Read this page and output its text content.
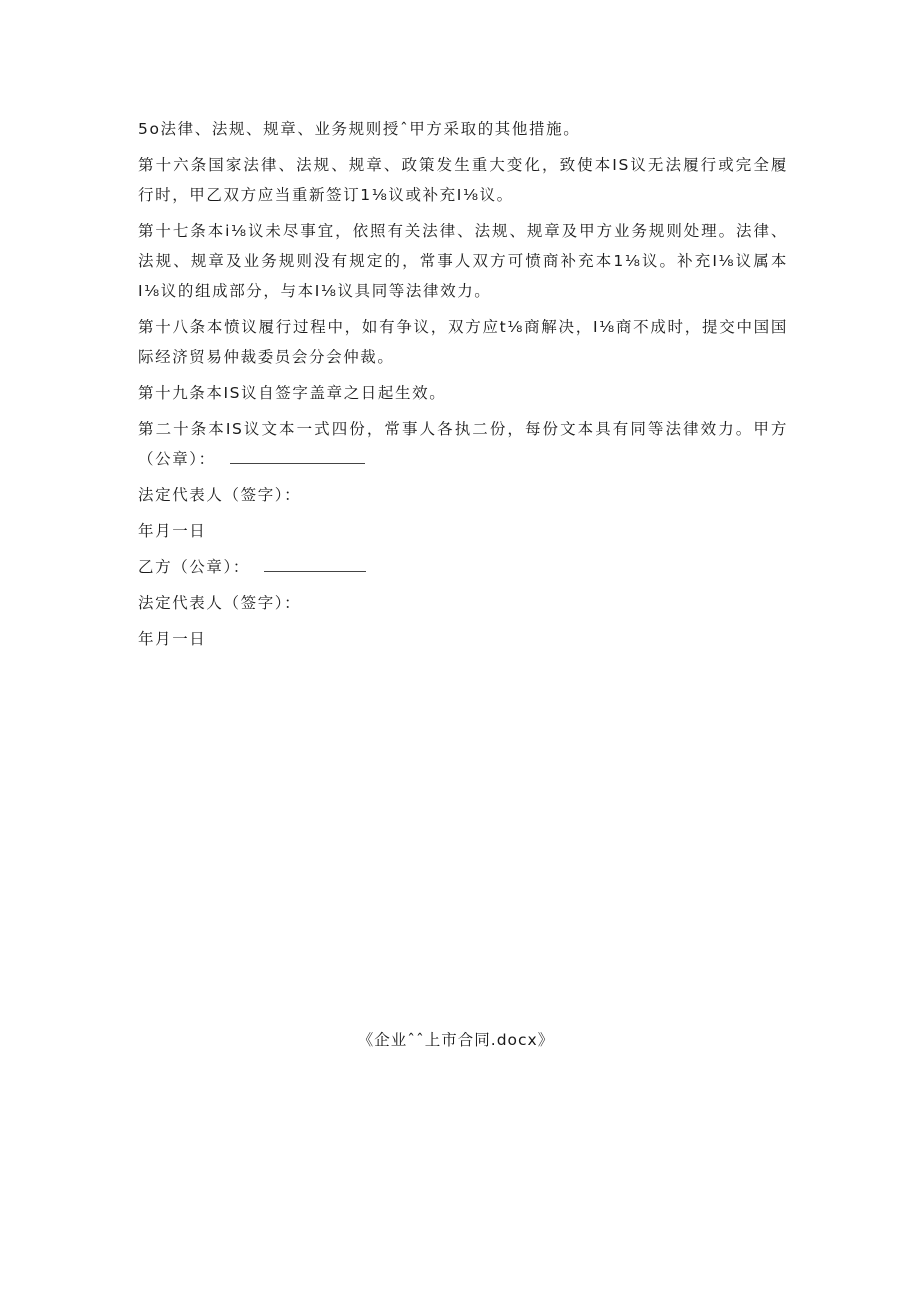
5o法律、法规、规章、业务规则授ˆ甲方采取的其他措施。

第十六条国家法律、法规、规章、政策发生重大变化，致使本IS议无法履行或完全履行时，甲乙双方应当重新签订1⅛议或补充I⅛议。

第十七条本i⅛议未尽事宜，依照有关法律、法规、规章及甲方业务规则处理。法律、法规、规章及业务规则没有规定的，常事人双方可愤商补充本1⅛议。补充I⅛议属本I⅛议的组成部分，与本I⅛议具同等法律效力。

第十八条本愤议履行过程中，如有争议，双方应t⅛商解决，I⅛商不成时，提交中国国际经济贸易仲裁委员会分会仲裁。

第十九条本IS议自签字盖章之日起生效。

第二十条本IS议文本一式四份，常事人各执二份，每份文本具有同等法律效力。甲方（公章）：

法定代表人（签字）：

年月一日

乙方（公章）：

法定代表人（签字）：

年月一日

《企业ˆˆ上市合同.docx》
